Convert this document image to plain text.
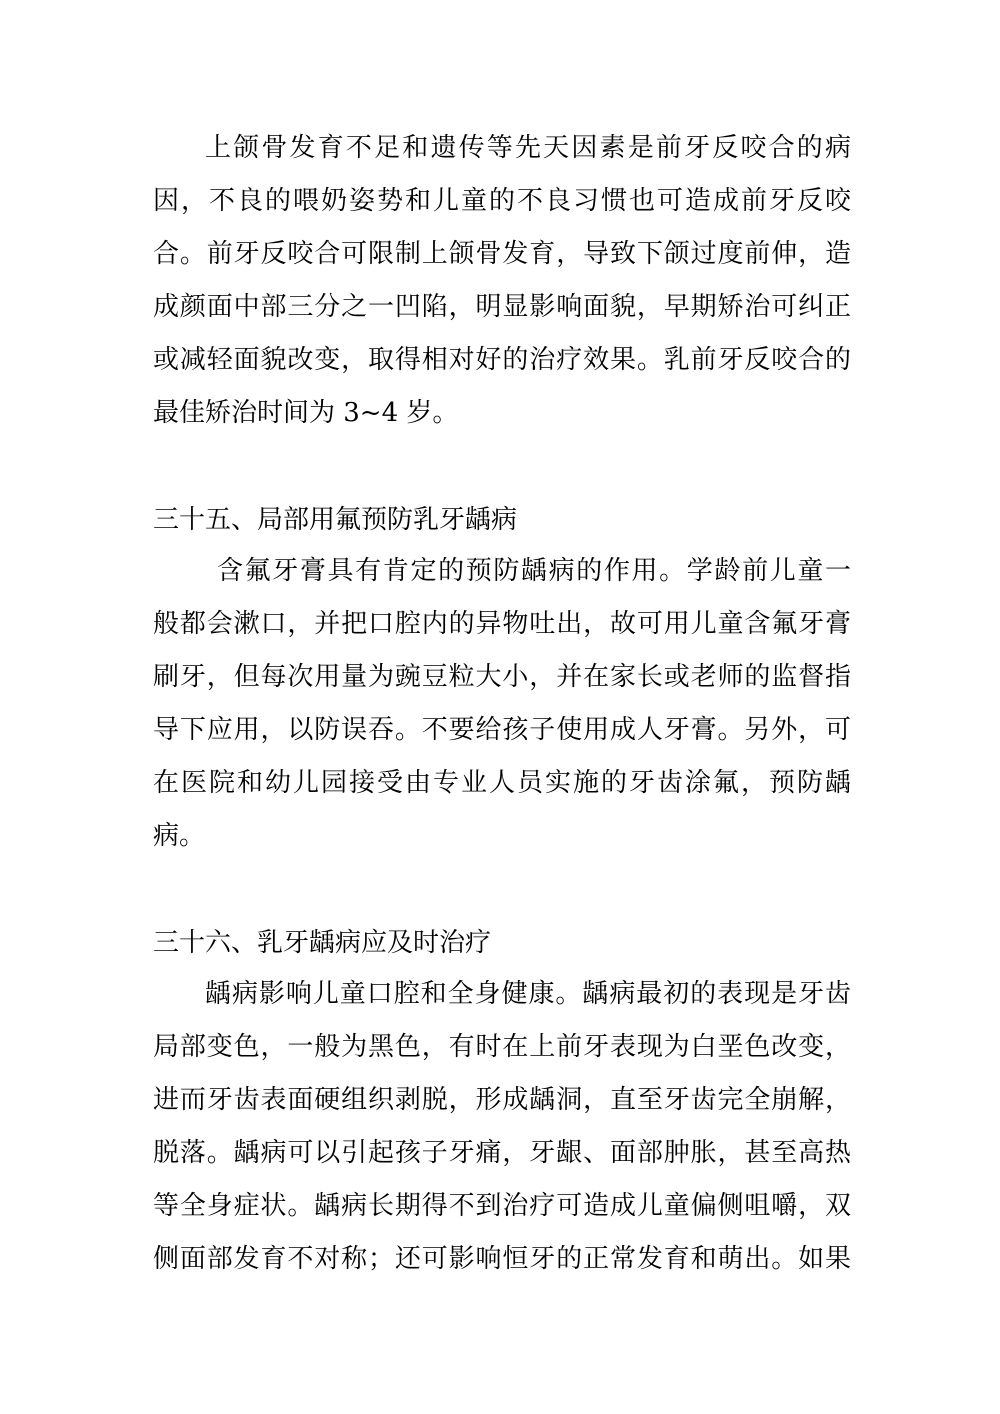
上颌骨发育不足和遗传等先天因素是前牙反咬合的病
因，不良的喂奶姿势和儿童的不良习惯也可造成前牙反咬
合。前牙反咬合可限制上颌骨发育，导致下颌过度前伸，造
成颜面中部三分之一凹陷，明显影响面貌，早期矫治可纠正
或减轻面貌改变，取得相对好的治疗效果。乳前牙反咬合的
最佳矫治时间为 3~4 岁。
三十五、局部用氟预防乳牙龋病
含氟牙膏具有肯定的预防龋病的作用。学龄前儿童一
般都会漱口，并把口腔内的异物吐出，故可用儿童含氟牙膏
刷牙，但每次用量为豌豆粒大小，并在家长或老师的监督指
导下应用，以防误吞。不要给孩子使用成人牙膏。另外，可
在医院和幼儿园接受由专业人员实施的牙齿涂氟，预防龋
病。
三十六、乳牙龋病应及时治疗
龋病影响儿童口腔和全身健康。龋病最初的表现是牙齿
局部变色，一般为黑色，有时在上前牙表现为白垩色改变，
进而牙齿表面硬组织剥脱，形成龋洞，直至牙齿完全崩解，
脱落。龋病可以引起孩子牙痛，牙龈、面部肿胀，甚至高热
等全身症状。龋病长期得不到治疗可造成儿童偏侧咀嚼，双
侧面部发育不对称；还可影响恒牙的正常发育和萌出。如果
